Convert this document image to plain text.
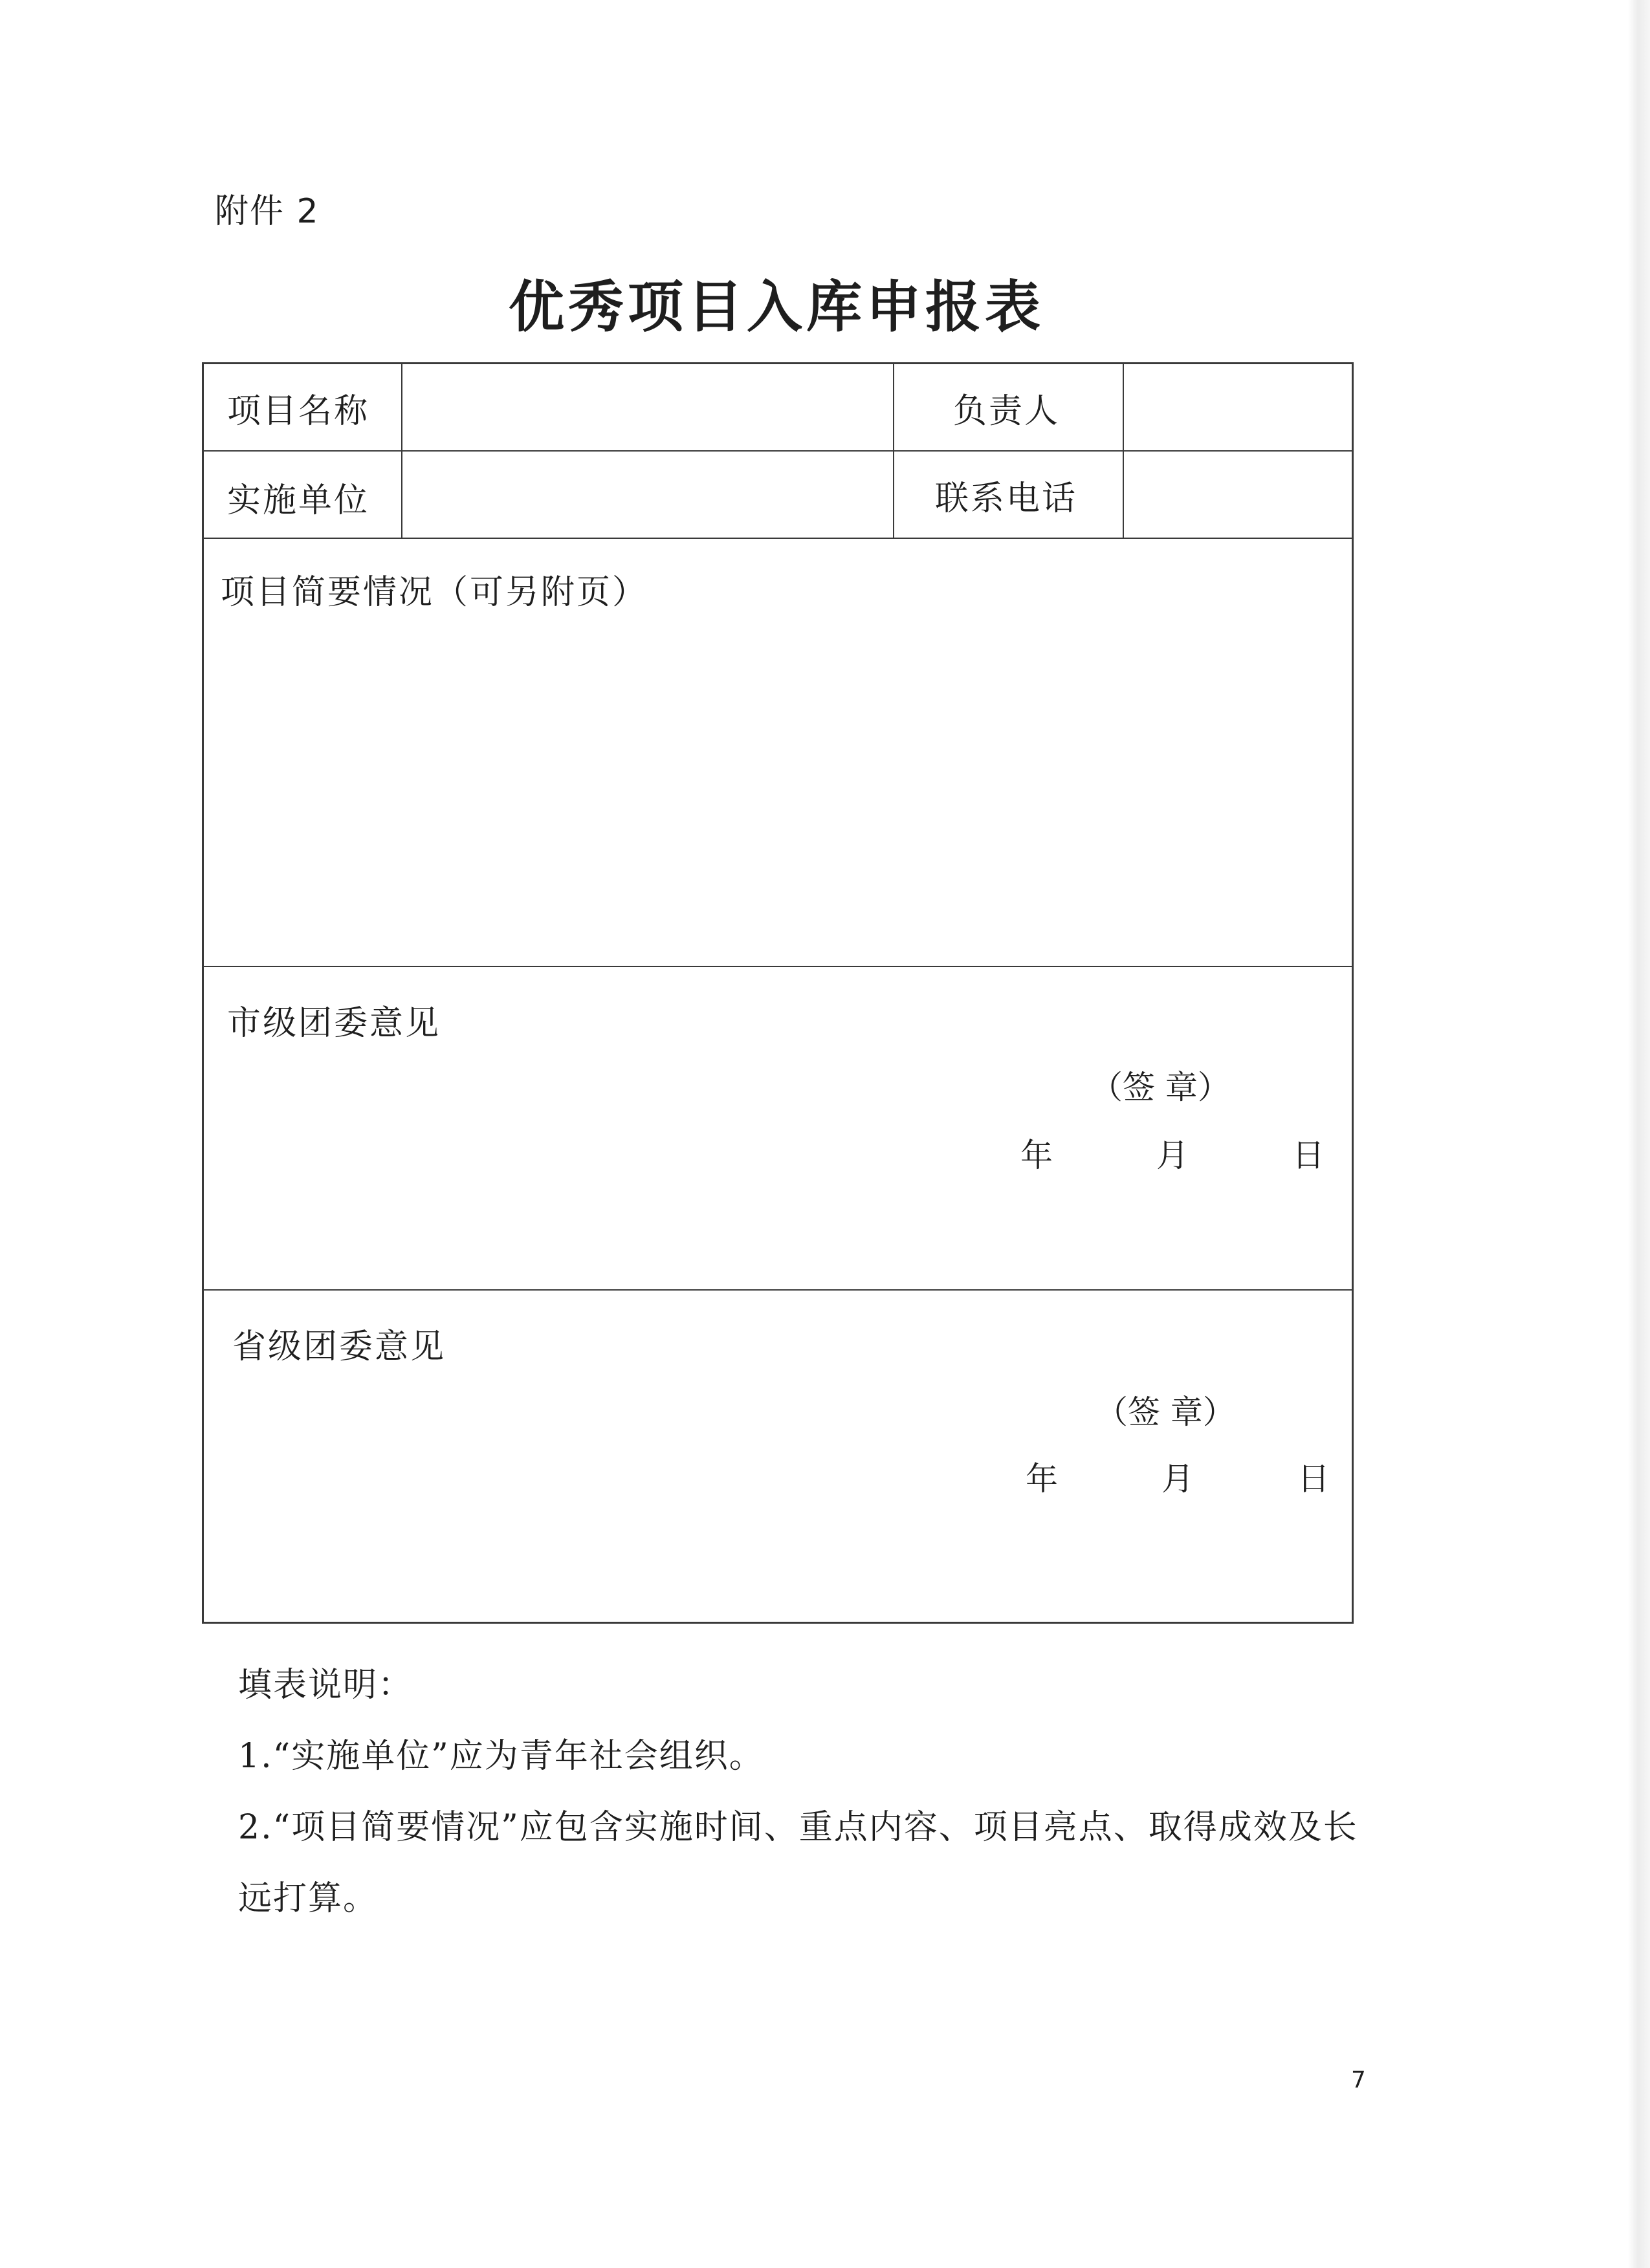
附件 2
优秀项目入库申报表
项目名称	负责人
实施单位	联系电话
项目简要情况（可另附页）
市级团委意见
（签 章）
年	月	日
省级团委意见
（签 章）
年	月	日
填表说明：
1.“实施单位”应为青年社会组织。
2.“项目简要情况”应包含实施时间、重点内容、项目亮点、取得成效及长远打算。
7
